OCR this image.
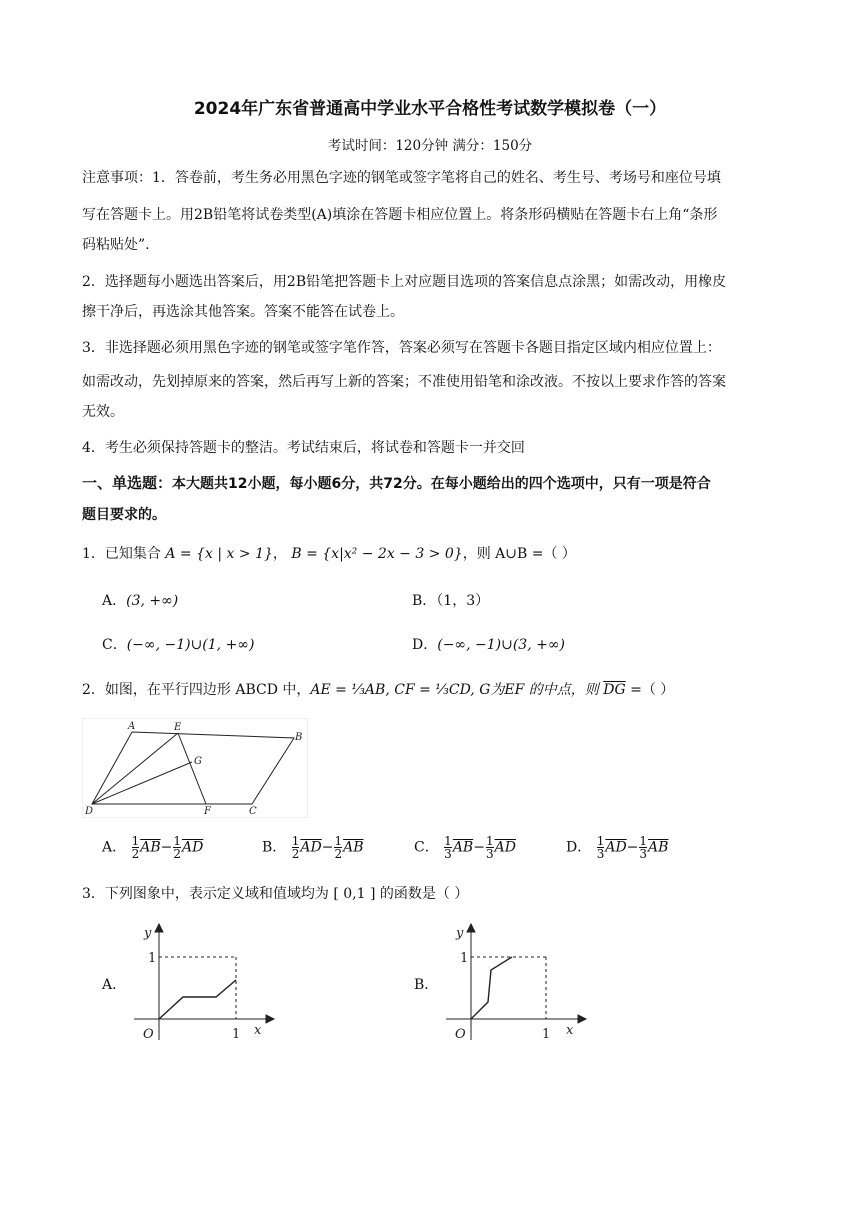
2024年广东省普通高中学业水平合格性考试数学模拟卷（一）
考试时间：120分钟 满分：150分
注意事项：1．答卷前，考生务必用黑色字迹的钢笔或签字笔将自己的姓名、考生号、考场号和座位号填
写在答题卡上。用2B铅笔将试卷类型(A)填涂在答题卡相应位置上。将条形码横贴在答题卡右上角“条形
码粘贴处”.
2．选择题每小题选出答案后，用2B铅笔把答题卡上对应题目选项的答案信息点涂黑；如需改动，用橡皮
擦干净后，再选涂其他答案。答案不能答在试卷上。
3．非选择题必须用黑色字迹的钢笔或签字笔作答，答案必须写在答题卡各题目指定区域内相应位置上：
如需改动，先划掉原来的答案，然后再写上新的答案；不准使用铅笔和涂改液。不按以上要求作答的答案
无效。
4．考生必须保持答题卡的整洁。考试结束后，将试卷和答题卡一并交回
一、单选题：本大题共12小题，每小题6分，共72分。在每小题给出的四个选项中，只有一项是符合
题目要求的。
1．已知集合 A = {x | x > 1}， B = {x|x² − 2x − 3 > 0}，则 A∪B =（ ）
A．(3, +∞)	B．（1，3）
C．(−∞, −1)∪(1, +∞)	D．(−∞, −1)∪(3, +∞)
2．如图，在平行四边形 ABCD 中，AE = ⅓AB, CF = ⅓CD, G为EF 的中点，则 $\overline{DG}$ =（ ）
A	E
B
G
D	F	C
A． $\frac{1}{2} \overline{AB}- \frac{1}{2} \overline{AD}$	B． $\frac{1}{2} \overline{AD}- \frac{1}{2} \overline{AB}$	C． $\frac{1}{3} \overline{AB}- \frac{1}{3} \overline{AD}$	D． $\frac{1}{3} \overline{AD}- \frac{1}{3} \overline{AB}$
3．下列图象中，表示定义域和值域均为 [ 0,1 ] 的函数是（ ）
A．
y
1
O	1 x
B．
y
1
O	1 x
